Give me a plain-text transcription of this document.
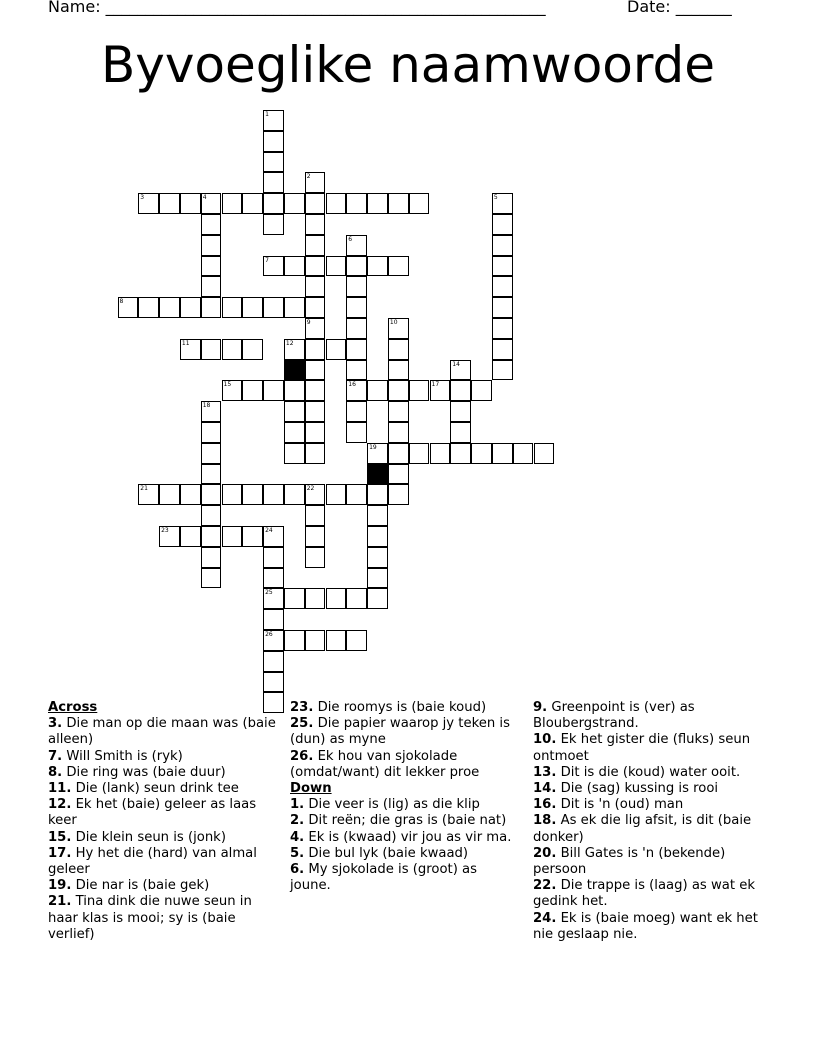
Name: _______________________________________________________	Date: _______
Byvoeglike naamwoorde
3	4
7
8
11	12
15	16	17
19
21	22
23	24
25
26
1
2
5
6
9	10
14
18
Across
3. Die man op die maan was (baie alleen)
7. Will Smith is (ryk)
8. Die ring was (baie duur)
11. Die (lank) seun drink tee
12. Ek het (baie) geleer as laas keer
15. Die klein seun is (jonk)
17. Hy het die (hard) van almal geleer
19. Die nar is (baie gek)
21. Tina dink die nuwe seun in haar klas is mooi; sy is (baie verlief)
23. Die roomys is (baie koud)
25. Die papier waarop jy teken is (dun) as myne
26. Ek hou van sjokolade (omdat/want) dit lekker proe
Down
1. Die veer is (lig) as die klip
2. Dit reën; die gras is (baie nat)
4. Ek is (kwaad) vir jou as vir ma.
5. Die bul lyk (baie kwaad)
6. My sjokolade is (groot) as joune.
9. Greenpoint is (ver) as Bloubergstrand.
10. Ek het gister die (fluks) seun ontmoet
13. Dit is die (koud) water ooit.
14. Die (sag) kussing is rooi
16. Dit is 'n (oud) man
18. As ek die lig afsit, is dit (baie donker)
20. Bill Gates is 'n (bekende) persoon
22. Die trappe is (laag) as wat ek gedink het.
24. Ek is (baie moeg) want ek het nie geslaap nie.
